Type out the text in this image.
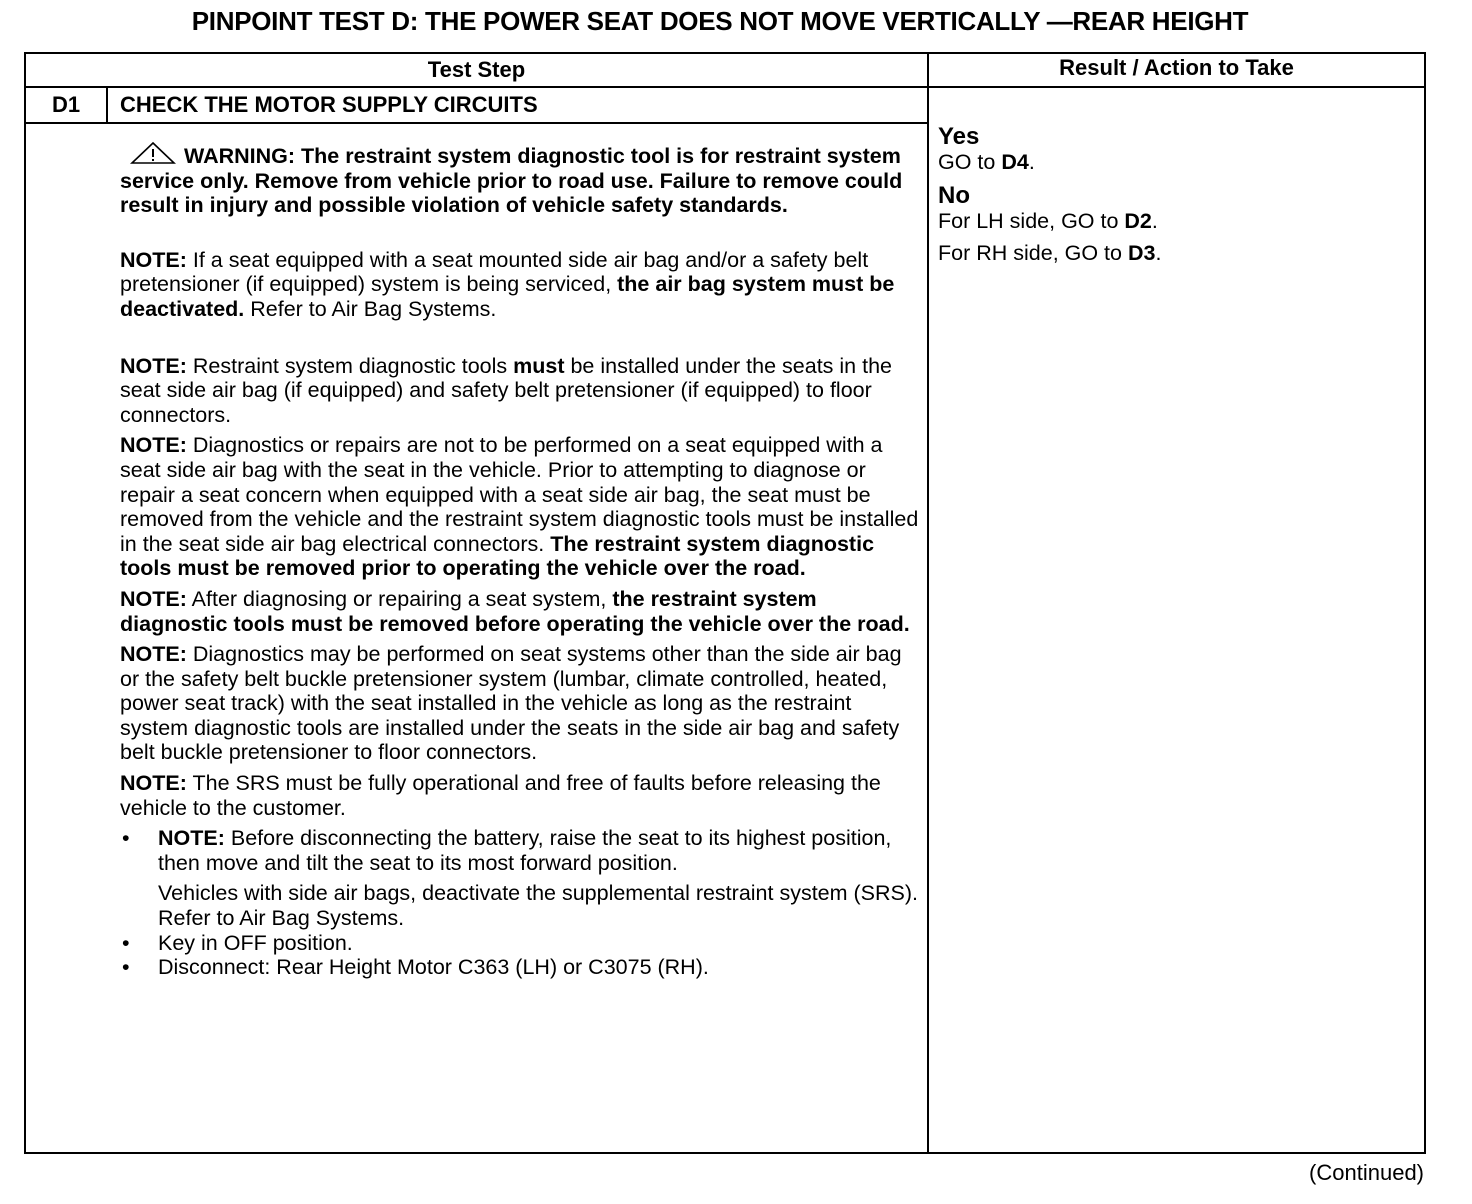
PINPOINT TEST D: THE POWER SEAT DOES NOT MOVE VERTICALLY —REAR HEIGHT
Test Step	Result / Action to Take
D1	CHECK THE MOTOR SUPPLY CIRCUITS

WARNING: The restraint system diagnostic tool is for restraint system service only. Remove from vehicle prior to road use. Failure to remove could result in injury and possible violation of vehicle safety standards.

NOTE: If a seat equipped with a seat mounted side air bag and/or a safety belt pretensioner (if equipped) system is being serviced, the air bag system must be deactivated. Refer to Air Bag Systems.

NOTE: Restraint system diagnostic tools must be installed under the seats in the seat side air bag (if equipped) and safety belt pretensioner (if equipped) to floor connectors.

NOTE: Diagnostics or repairs are not to be performed on a seat equipped with a seat side air bag with the seat in the vehicle. Prior to attempting to diagnose or repair a seat concern when equipped with a seat side air bag, the seat must be removed from the vehicle and the restraint system diagnostic tools must be installed in the seat side air bag electrical connectors. The restraint system diagnostic tools must be removed prior to operating the vehicle over the road.

NOTE: After diagnosing or repairing a seat system, the restraint system diagnostic tools must be removed before operating the vehicle over the road.

NOTE: Diagnostics may be performed on seat systems other than the side air bag or the safety belt buckle pretensioner system (lumbar, climate controlled, heated, power seat track) with the seat installed in the vehicle as long as the restraint system diagnostic tools are installed under the seats in the side air bag and safety belt buckle pretensioner to floor connectors.

NOTE: The SRS must be fully operational and free of faults before releasing the vehicle to the customer.

• NOTE: Before disconnecting the battery, raise the seat to its highest position, then move and tilt the seat to its most forward position.

Vehicles with side air bags, deactivate the supplemental restraint system (SRS). Refer to Air Bag Systems.

• Key in OFF position.

• Disconnect: Rear Height Motor C363 (LH) or C3075 (RH).

Yes

GO to D4.

No

For LH side, GO to D2.

For RH side, GO to D3.

(Continued)
